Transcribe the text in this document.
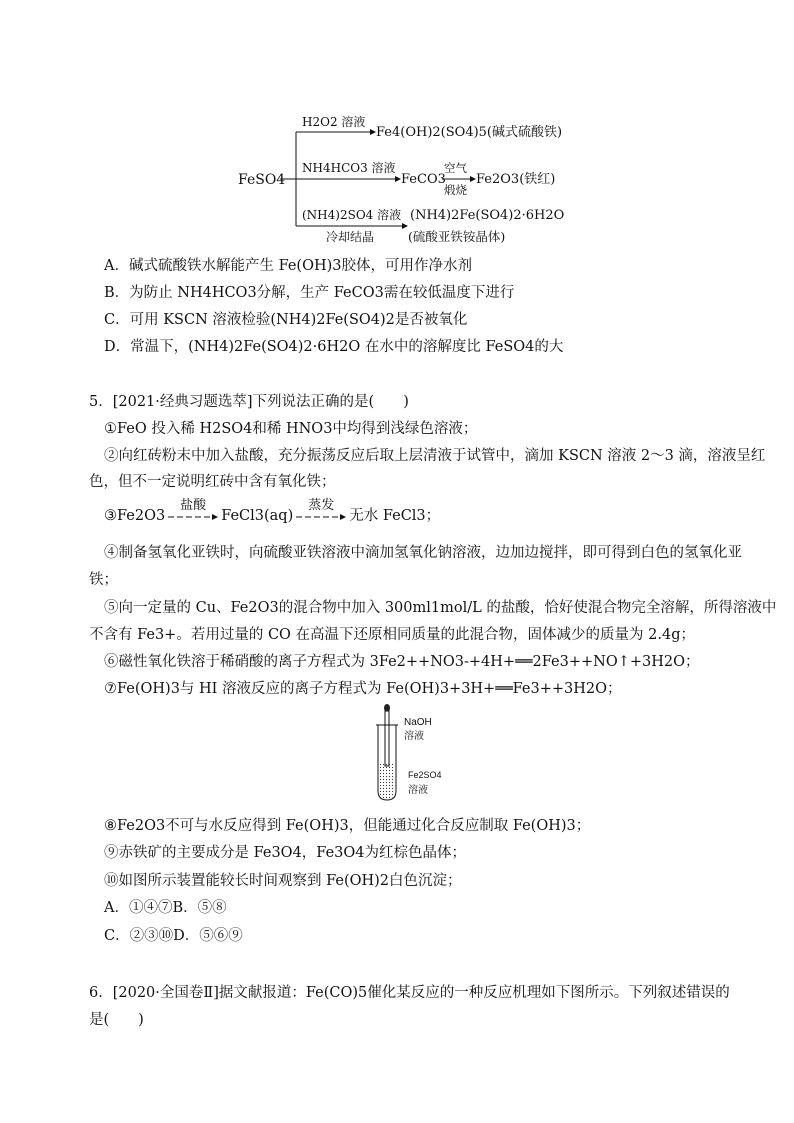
FeSO4
H2O2 溶液
Fe4(OH)2(SO4)5(碱式硫酸铁)
NH4HCO3 溶液
FeCO3
空气
煅烧
Fe2O3(铁红)
(NH4)2SO4 溶液
冷却结晶
(NH4)2Fe(SO4)2·6H2O
(硫酸亚铁铵晶体)
A．碱式硫酸铁水解能产生 Fe(OH)3胶体，可用作净水剂
B．为防止 NH4HCO3分解，生产 FeCO3需在较低温度下进行
C．可用 KSCN 溶液检验(NH4)2Fe(SO4)2是否被氧化
D．常温下，(NH4)2Fe(SO4)2·6H2O 在水中的溶解度比 FeSO4的大
5．[2021·经典习题选萃]下列说法正确的是(　　)
①FeO 投入稀 H2SO4和稀 HNO3中均得到浅绿色溶液；
②向红砖粉末中加入盐酸，充分振荡反应后取上层清液于试管中，滴加 KSCN 溶液 2～3 滴，溶液呈红
色，但不一定说明红砖中含有氧化铁；
③Fe2O3
盐酸
FeCl3(aq)
蒸发
无水 FeCl3；
④制备氢氧化亚铁时，向硫酸亚铁溶液中滴加氢氧化钠溶液，边加边搅拌，即可得到白色的氢氧化亚
铁；
⑤向一定量的 Cu、Fe2O3的混合物中加入 300ml1mol/L 的盐酸，恰好使混合物完全溶解，所得溶液中
不含有 Fe3+。若用过量的 CO 在高温下还原相同质量的此混合物，固体减少的质量为 2.4g；
⑥磁性氧化铁溶于稀硝酸的离子方程式为 3Fe2++NO3-+4H+══2Fe3++NO↑+3H2O；
⑦Fe(OH)3与 HI 溶液反应的离子方程式为 Fe(OH)3+3H+══Fe3++3H2O；
NaOH
溶液
Fe2SO4
溶液
⑧Fe2O3不可与水反应得到 Fe(OH)3，但能通过化合反应制取 Fe(OH)3；
⑨赤铁矿的主要成分是 Fe3O4，Fe3O4为红棕色晶体；
⑩如图所示装置能较长时间观察到 Fe(OH)2白色沉淀；
A．①④⑦B．⑤⑧
C．②③⑩D．⑤⑥⑨
6．[2020·全国卷Ⅱ]据文献报道：Fe(CO)5催化某反应的一种反应机理如下图所示。下列叙述错误的
是(　　)
